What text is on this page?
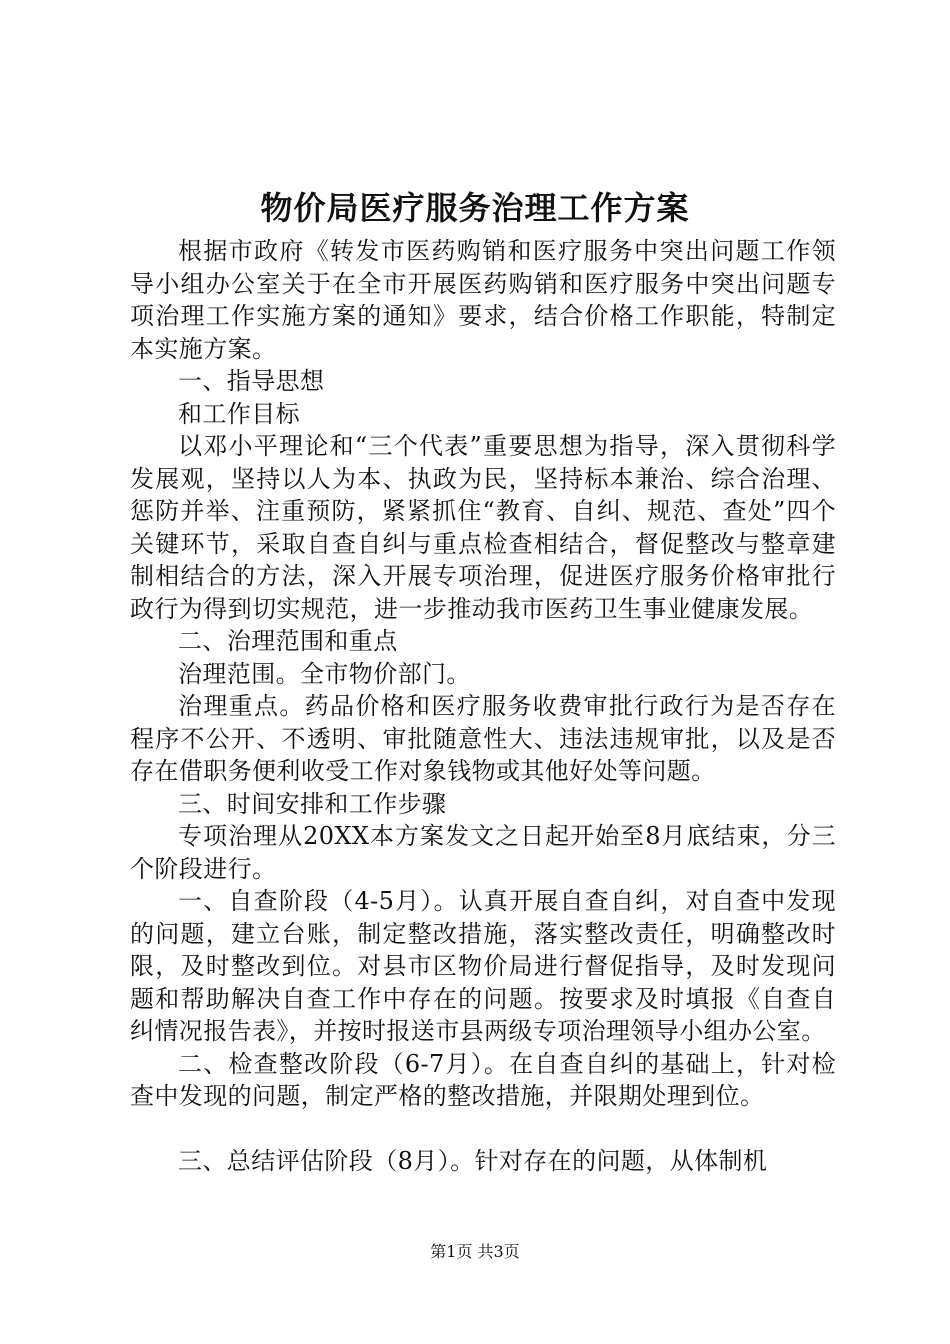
物价局医疗服务治理工作方案

根据市政府《转发市医药购销和医疗服务中突出问题工作领导小组办公室关于在全市开展医药购销和医疗服务中突出问题专项治理工作实施方案的通知》要求，结合价格工作职能，特制定本实施方案。

一、指导思想

和工作目标

以邓小平理论和“三个代表”重要思想为指导，深入贯彻科学发展观，坚持以人为本、执政为民，坚持标本兼治、综合治理、惩防并举、注重预防，紧紧抓住“教育、自纠、规范、查处”四个关键环节，采取自查自纠与重点检查相结合，督促整改与整章建制相结合的方法，深入开展专项治理，促进医疗服务价格审批行政行为得到切实规范，进一步推动我市医药卫生事业健康发展。

二、治理范围和重点

治理范围。全市物价部门。

治理重点。药品价格和医疗服务收费审批行政行为是否存在程序不公开、不透明、审批随意性大、违法违规审批，以及是否存在借职务便利收受工作对象钱物或其他好处等问题。

三、时间安排和工作步骤

专项治理从20XX本方案发文之日起开始至8月底结束，分三个阶段进行。

一、自查阶段（4-5月）。认真开展自查自纠，对自查中发现的问题，建立台账，制定整改措施，落实整改责任，明确整改时限，及时整改到位。对县市区物价局进行督促指导，及时发现问题和帮助解决自查工作中存在的问题。按要求及时填报《自查自纠情况报告表》，并按时报送市县两级专项治理领导小组办公室。

二、检查整改阶段（6-7月）。在自查自纠的基础上，针对检查中发现的问题，制定严格的整改措施，并限期处理到位。

三、总结评估阶段（8月）。针对存在的问题，从体制机

第1页 共3页
